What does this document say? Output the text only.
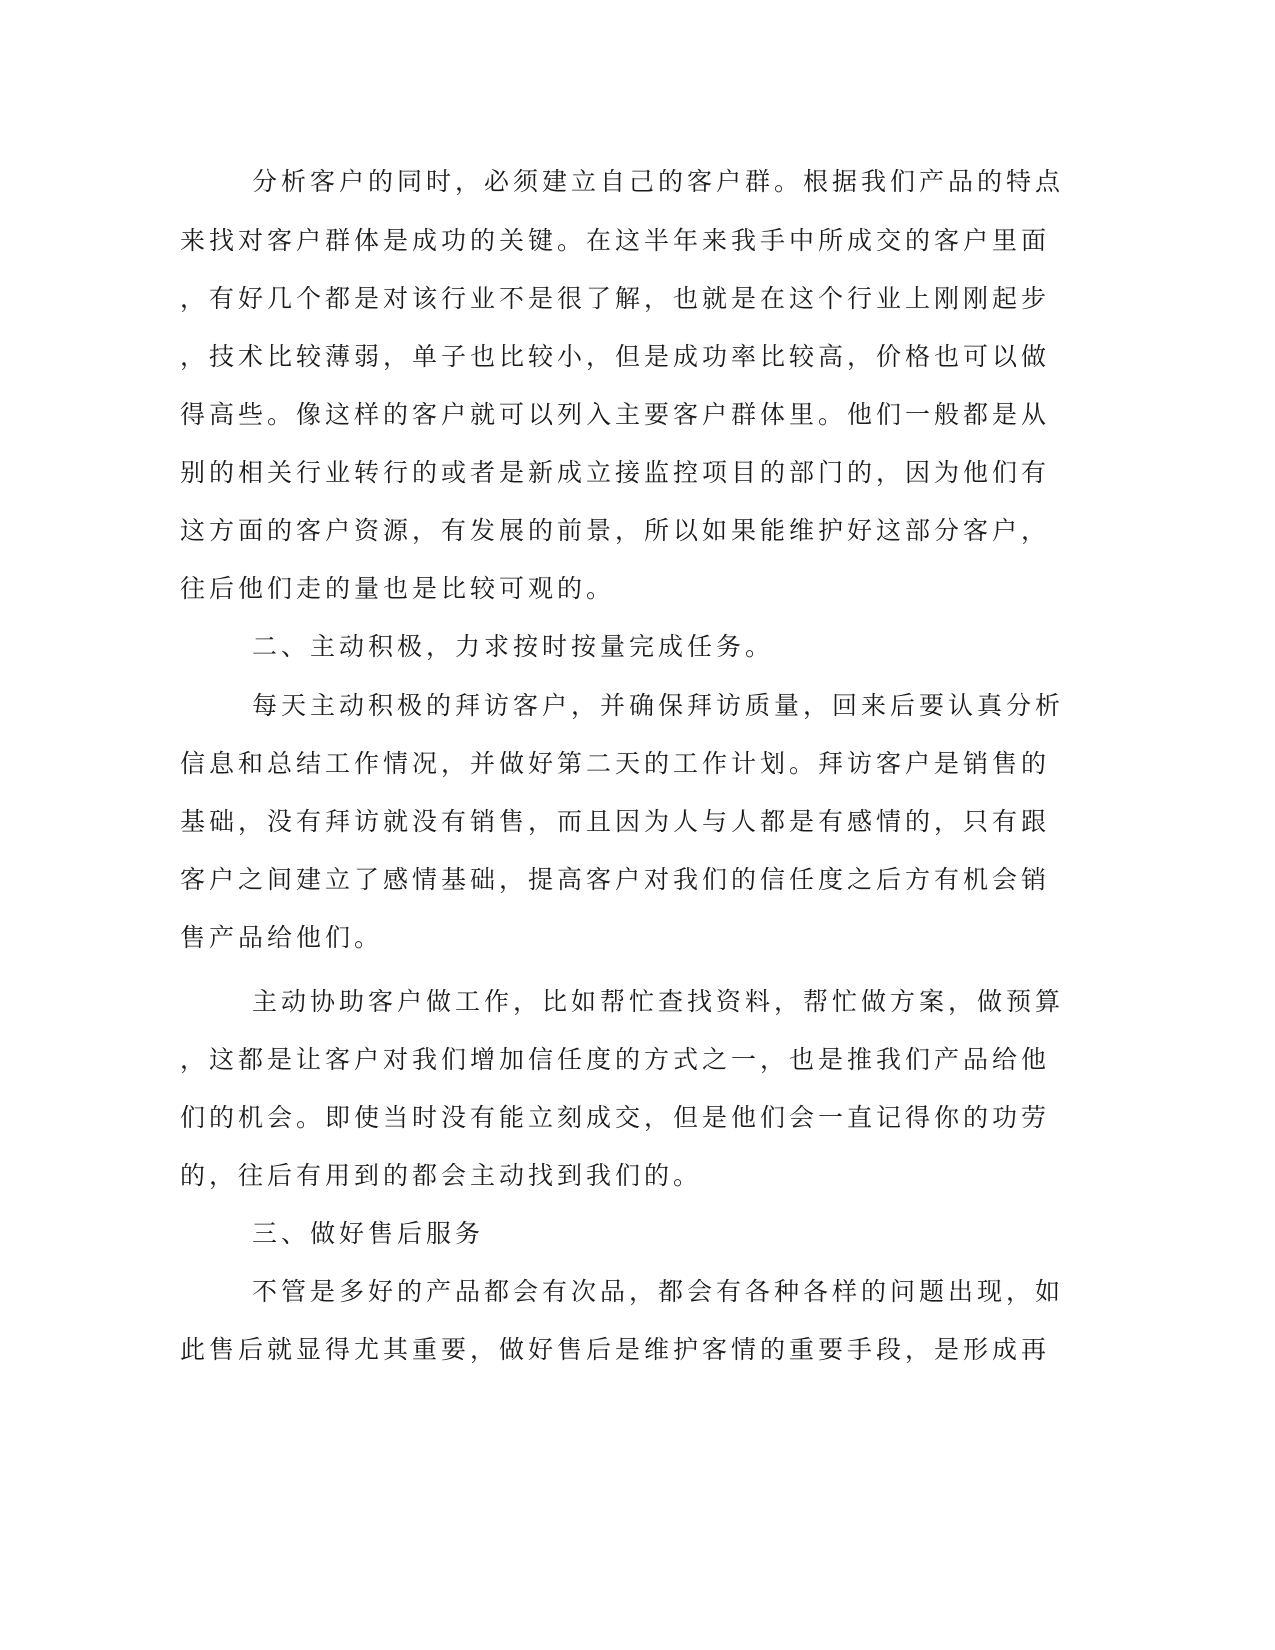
分析客户的同时，必须建立自己的客户群。根据我们产品的特点

来找对客户群体是成功的关键。在这半年来我手中所成交的客户里面

，有好几个都是对该行业不是很了解，也就是在这个行业上刚刚起步

，技术比较薄弱，单子也比较小，但是成功率比较高，价格也可以做

得高些。像这样的客户就可以列入主要客户群体里。他们一般都是从

别的相关行业转行的或者是新成立接监控项目的部门的，因为他们有

这方面的客户资源，有发展的前景，所以如果能维护好这部分客户，

往后他们走的量也是比较可观的。

二、主动积极，力求按时按量完成任务。

每天主动积极的拜访客户，并确保拜访质量，回来后要认真分析

信息和总结工作情况，并做好第二天的工作计划。拜访客户是销售的

基础，没有拜访就没有销售，而且因为人与人都是有感情的，只有跟

客户之间建立了感情基础，提高客户对我们的信任度之后方有机会销

售产品给他们。

主动协助客户做工作，比如帮忙查找资料，帮忙做方案，做预算

，这都是让客户对我们增加信任度的方式之一，也是推我们产品给他

们的机会。即使当时没有能立刻成交，但是他们会一直记得你的功劳

的，往后有用到的都会主动找到我们的。

三、做好售后服务

不管是多好的产品都会有次品，都会有各种各样的问题出现，如

此售后就显得尤其重要，做好售后是维护客情的重要手段，是形成再
